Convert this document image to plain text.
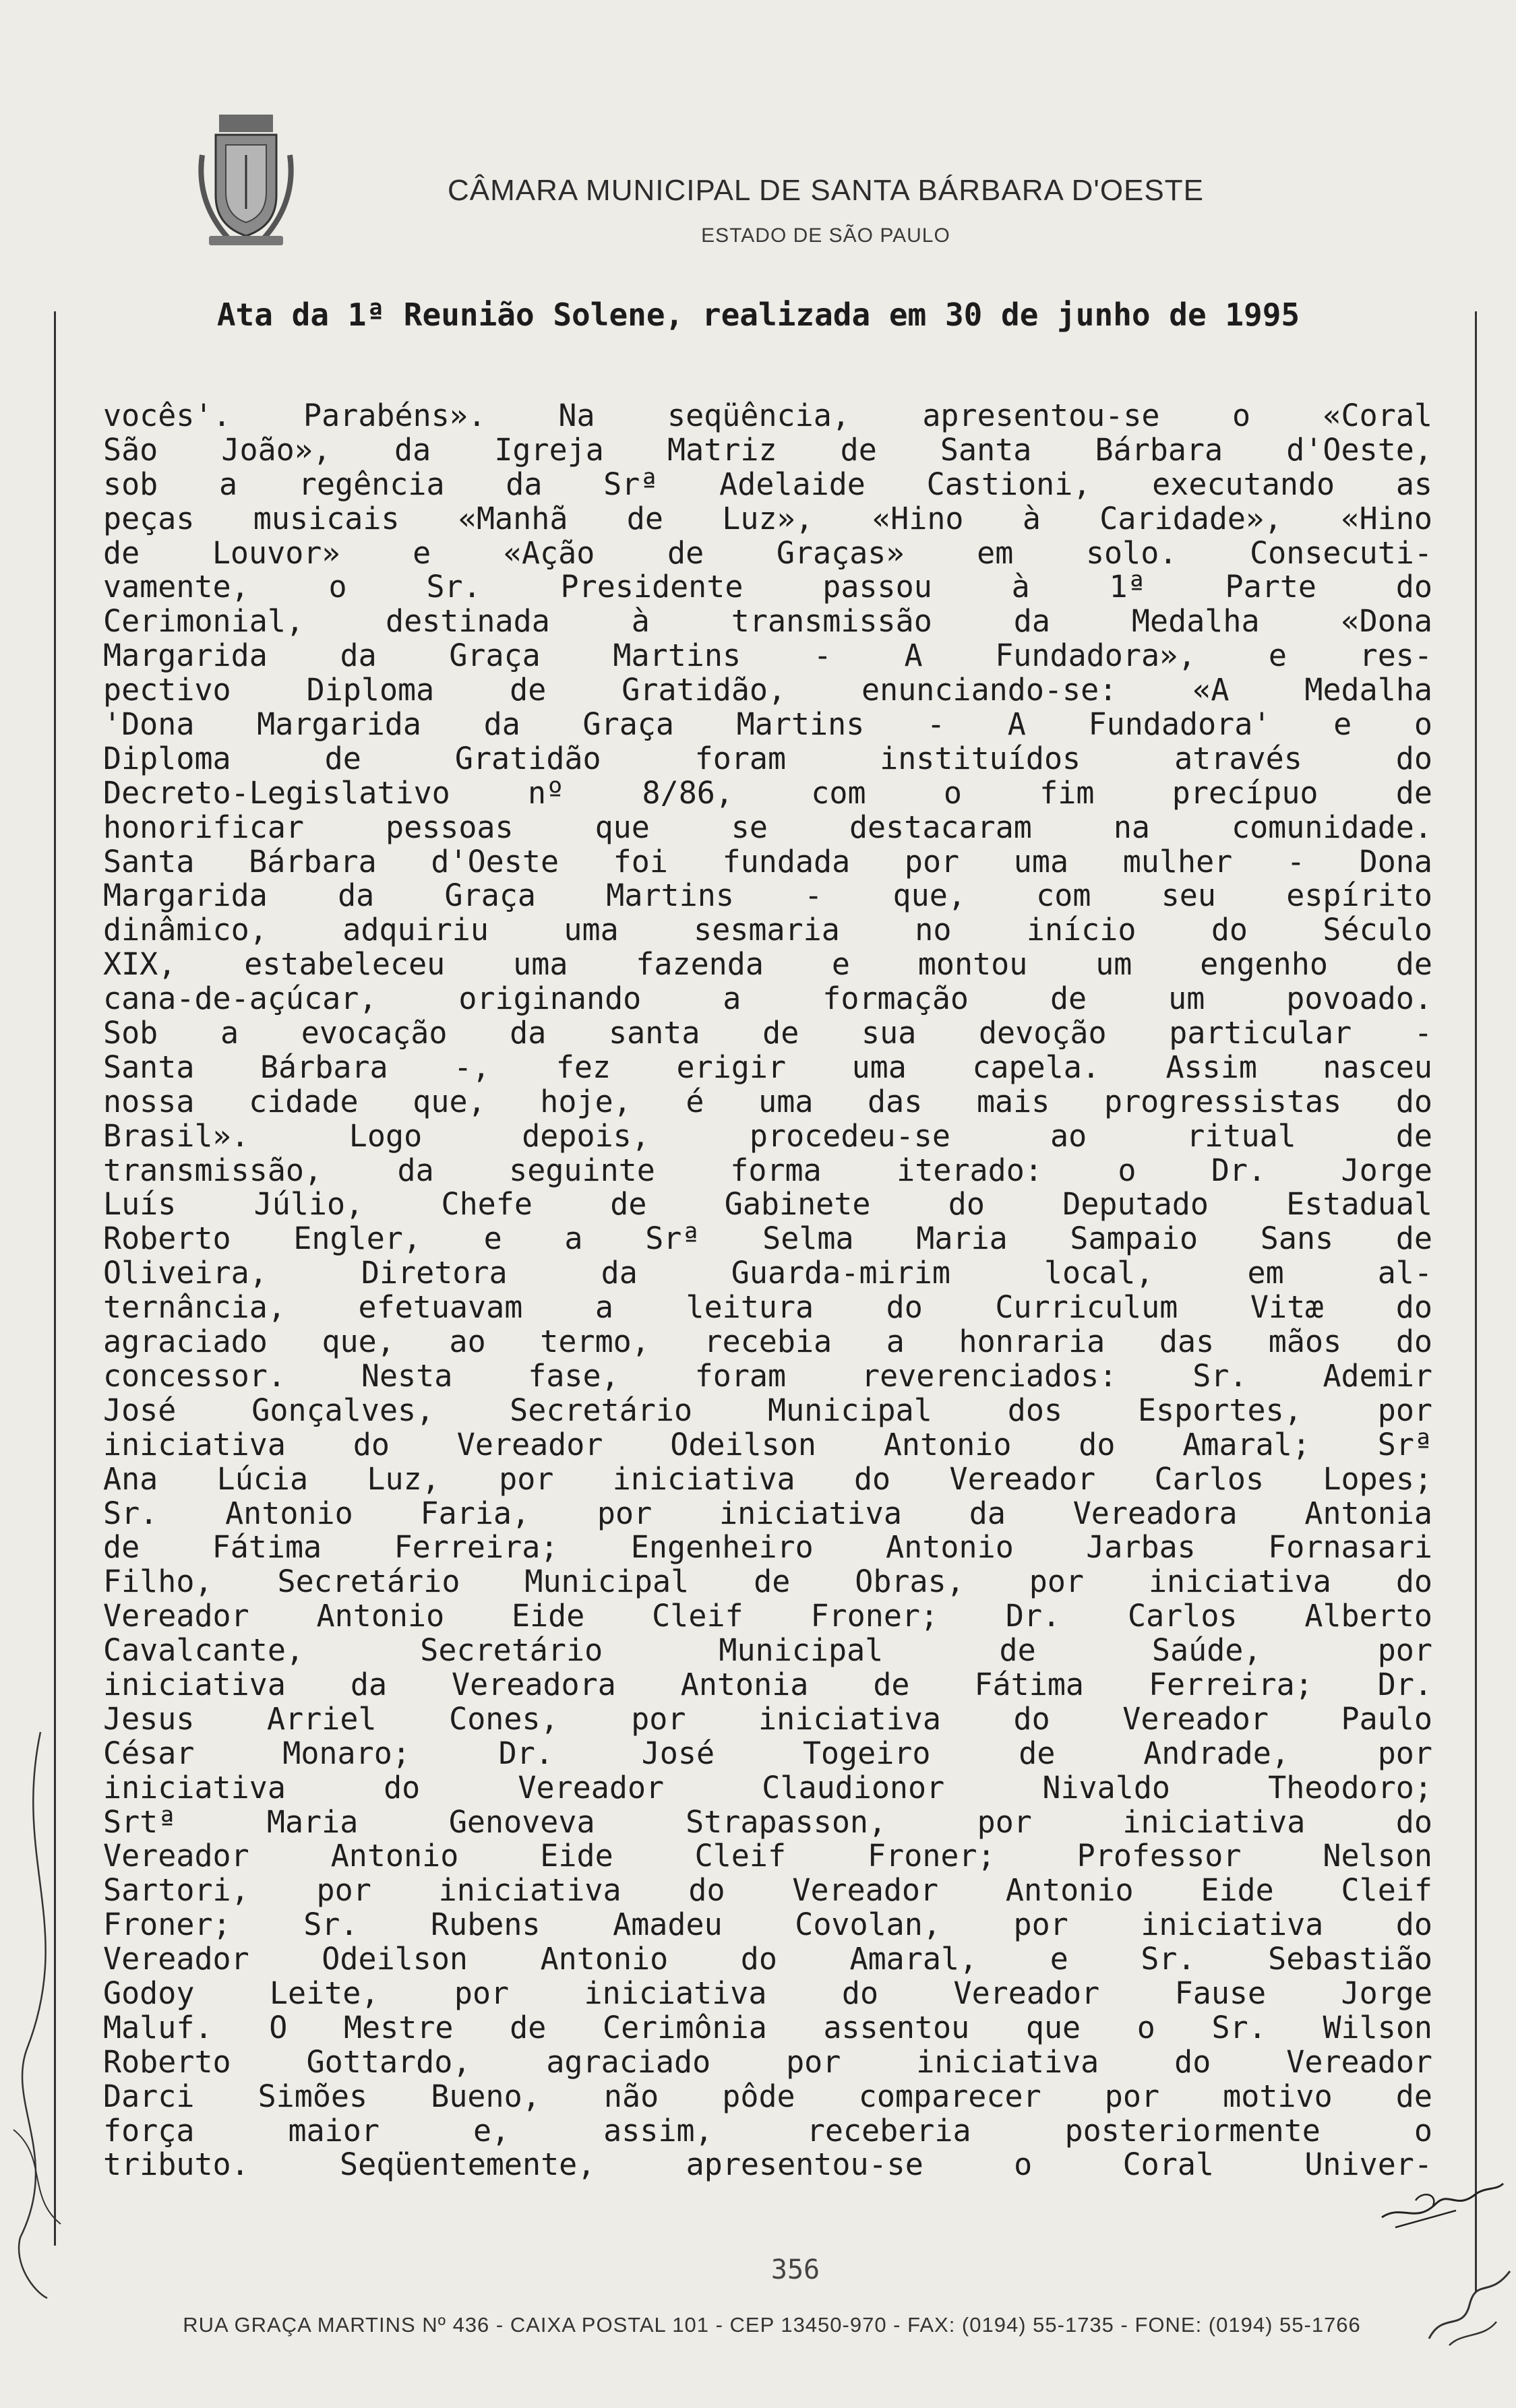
CÂMARA MUNICIPAL DE SANTA BÁRBARA D'OESTE
ESTADO DE SÃO PAULO
Ata da 1ª Reunião Solene, realizada em 30 de junho de 1995
vocês'. Parabéns». Na seqüência, apresentou-se o «Coral
São João», da Igreja Matriz de Santa Bárbara d'Oeste,
sob a regência da Srª Adelaide Castioni, executando as
peças musicais «Manhã de Luz», «Hino à Caridade», «Hino
de Louvor» e «Ação de Graças» em solo. Consecuti-
vamente, o Sr. Presidente passou à 1ª Parte do
Cerimonial, destinada à transmissão da Medalha «Dona
Margarida da Graça Martins - A Fundadora», e res-
pectivo Diploma de Gratidão, enunciando-se: «A Medalha
'Dona Margarida da Graça Martins - A Fundadora' e o
Diploma de Gratidão foram instituídos através do
Decreto-Legislativo nº 8/86, com o fim precípuo de
honorificar pessoas que se destacaram na comunidade.
Santa Bárbara d'Oeste foi fundada por uma mulher - Dona
Margarida da Graça Martins - que, com seu espírito
dinâmico, adquiriu uma sesmaria no início do Século
XIX, estabeleceu uma fazenda e montou um engenho de
cana-de-açúcar, originando a formação de um povoado.
Sob a evocação da santa de sua devoção particular -
Santa Bárbara -, fez erigir uma capela. Assim nasceu
nossa cidade que, hoje, é uma das mais progressistas do
Brasil». Logo depois, procedeu-se ao ritual de
transmissão, da seguinte forma iterado: o Dr. Jorge
Luís Júlio, Chefe de Gabinete do Deputado Estadual
Roberto Engler, e a Srª Selma Maria Sampaio Sans de
Oliveira, Diretora da Guarda-mirim local, em al-
ternância, efetuavam a leitura do Curriculum Vitæ do
agraciado que, ao termo, recebia a honraria das mãos do
concessor. Nesta fase, foram reverenciados: Sr. Ademir
José Gonçalves, Secretário Municipal dos Esportes, por
iniciativa do Vereador Odeilson Antonio do Amaral; Srª
Ana Lúcia Luz, por iniciativa do Vereador Carlos Lopes;
Sr. Antonio Faria, por iniciativa da Vereadora Antonia
de Fátima Ferreira; Engenheiro Antonio Jarbas Fornasari
Filho, Secretário Municipal de Obras, por iniciativa do
Vereador Antonio Eide Cleif Froner; Dr. Carlos Alberto
Cavalcante, Secretário Municipal de Saúde, por
iniciativa da Vereadora Antonia de Fátima Ferreira; Dr.
Jesus Arriel Cones, por iniciativa do Vereador Paulo
César Monaro; Dr. José Togeiro de Andrade, por
iniciativa do Vereador Claudionor Nivaldo Theodoro;
Srtª Maria Genoveva Strapasson, por iniciativa do
Vereador Antonio Eide Cleif Froner; Professor Nelson
Sartori, por iniciativa do Vereador Antonio Eide Cleif
Froner; Sr. Rubens Amadeu Covolan, por iniciativa do
Vereador Odeilson Antonio do Amaral, e Sr. Sebastião
Godoy Leite, por iniciativa do Vereador Fause Jorge
Maluf. O Mestre de Cerimônia assentou que o Sr. Wilson
Roberto Gottardo, agraciado por iniciativa do Vereador
Darci Simões Bueno, não pôde comparecer por motivo de
força maior e, assim, receberia posteriormente o
tributo. Seqüentemente, apresentou-se o Coral Univer-
356
RUA GRAÇA MARTINS Nº 436 - CAIXA POSTAL 101 - CEP 13450-970 - FAX: (0194) 55-1735 - FONE: (0194) 55-1766
